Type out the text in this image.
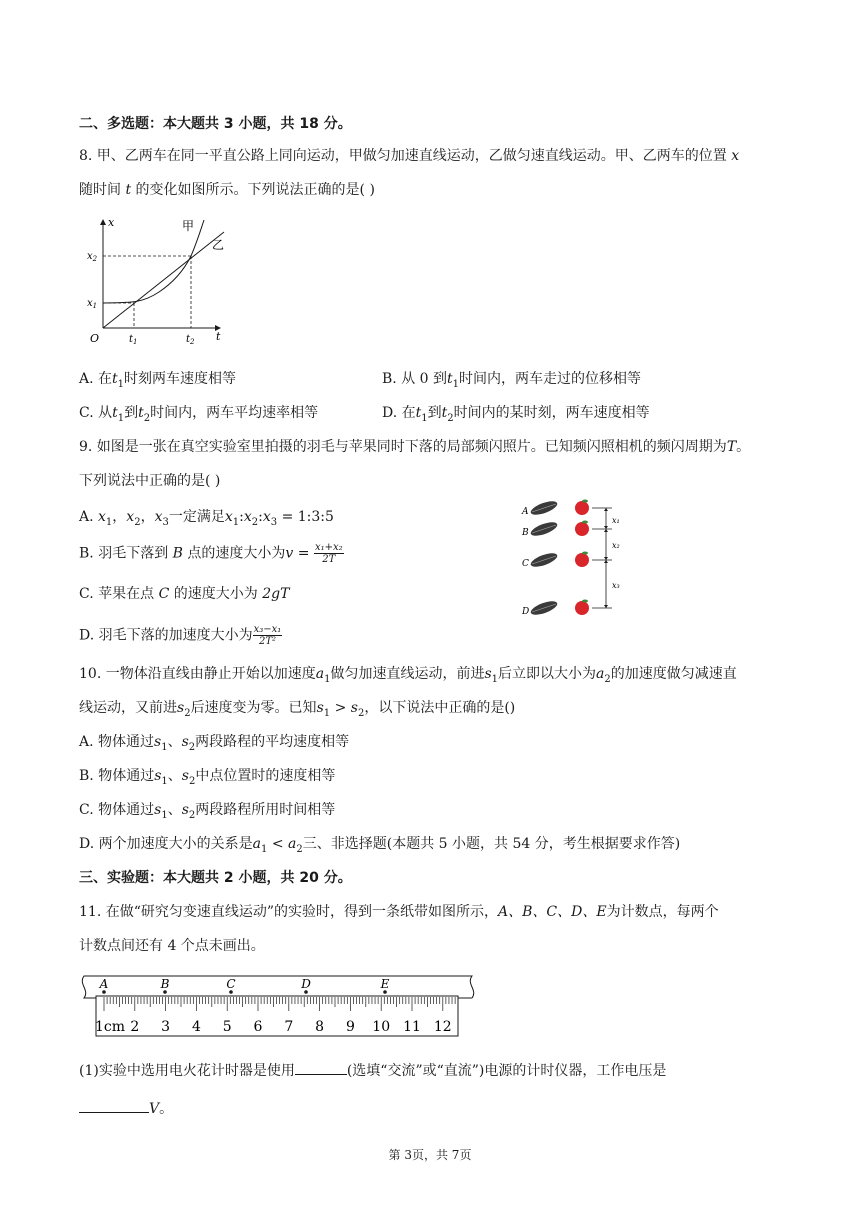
二、多选题：本大题共 3 小题，共 18 分。
8. 甲、乙两车在同一平直公路上同向运动，甲做匀加速直线运动，乙做匀速直线运动。甲、乙两车的位置 x
随时间 t 的变化如图所示。下列说法正确的是( )
x
t
O
甲
乙
$x_2$
$x_1$
$t_1$	$t_2$
A. 在$t_1$时刻两车速度相等	B. 从 0 到$t_1$时间内，两车走过的位移相等
C. 从$t_1$到$t_2$时间内，两车平均速率相等	D. 在$t_1$到$t_2$时间内的某时刻，两车速度相等
9. 如图是一张在真空实验室里拍摄的羽毛与苹果同时下落的局部频闪照片。已知频闪照相机的频闪周期为T。
下列说法中正确的是( )
A. $x_1$，$x_2$，$x_3$一定满足$x_1:x_2:x_3$ = 1:3:5
B. 羽毛下落到 B 点的速度大小为$v = \frac{\text{x₁+x₂}}{2T}$
C. 苹果在点 C 的速度大小为 2gT
D. 羽毛下落的加速度大小为 $\frac{\text{x₃−x₁}}{\text{2T²}}$
A
B
C
D
x₁
x₂
x₃
10. 一物体沿直线由静止开始以加速度$a_1$做匀加速直线运动，前进$s_1$后立即以大小为$a_2$的加速度做匀减速直
线运动，又前进$s_2$后速度变为零。已知$s_1 > s_2$，以下说法中正确的是()
A. 物体通过$s_1$、$s_2$两段路程的平均速度相等
B. 物体通过$s_1$、$s_2$中点位置时的速度相等
C. 物体通过$s_1$、$s_2$两段路程所用时间相等
D. 两个加速度大小的关系是$a_1 < a_2$三、非选择题(本题共 5 小题，共 54 分，考生根据要求作答)
三、实验题：本大题共 2 小题，共 20 分。
11. 在做“研究匀变速直线运动”的实验时，得到一条纸带如图所示，A、B、C、D、E为计数点，每两个
计数点间还有 4 个点未画出。
1cm 2 3 4 5 6 7 8 9 10 11 12
A	B	C	D	E
(1)实验中选用电火花计时器是使用	(选填“交流”或“直流”)电源的计时仪器，工作电压是
V。
第 3页，共 7页
